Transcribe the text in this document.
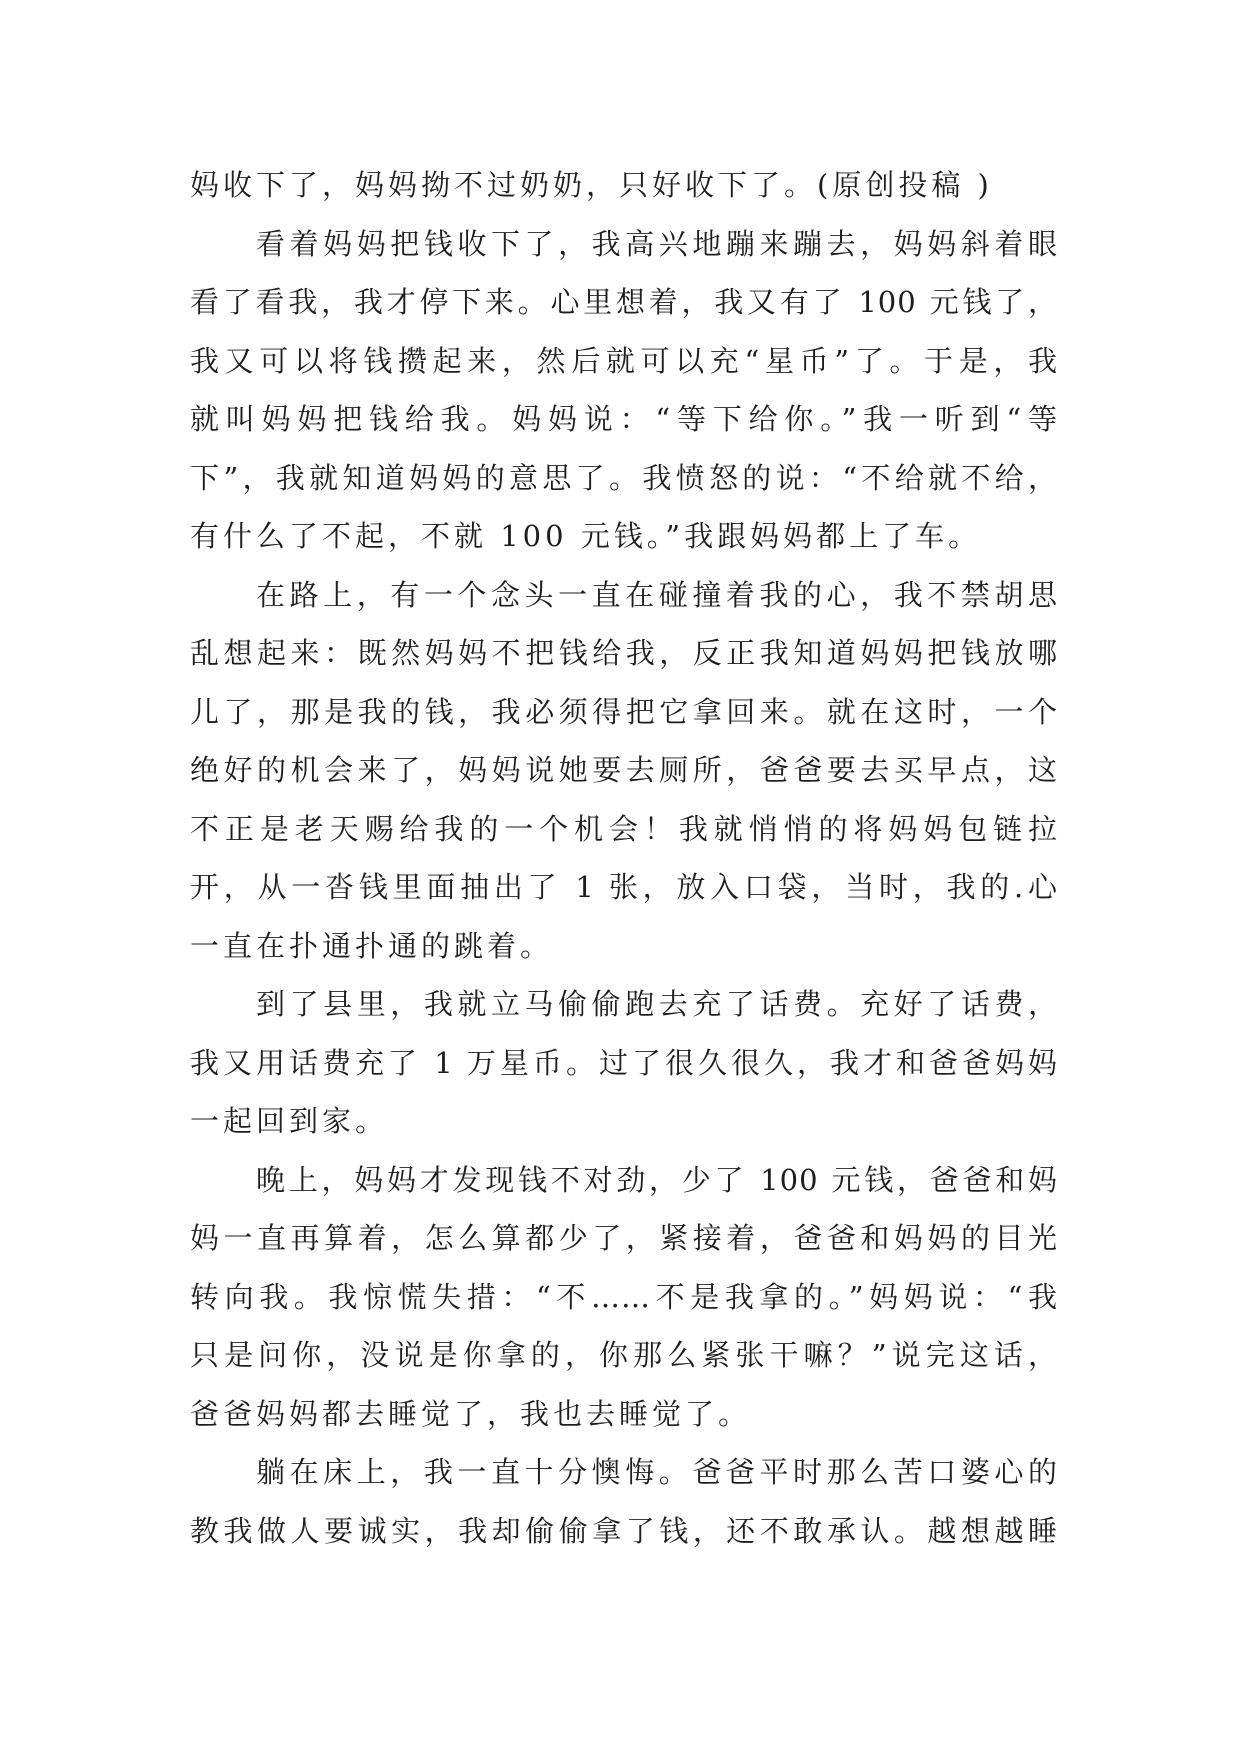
妈收下了，妈妈拗不过奶奶，只好收下了。(原创投稿 )
看着妈妈把钱收下了，我高兴地蹦来蹦去，妈妈斜着眼
看了看我，我才停下来。心里想着，我又有了 100 元钱了，
我又可以将钱攒起来，然后就可以充“星币”了。于是，我
就叫妈妈把钱给我。妈妈说：“等下给你。”我一听到“等
下”，我就知道妈妈的意思了。我愤怒的说：“不给就不给，
有什么了不起，不就 100 元钱。”我跟妈妈都上了车。
在路上，有一个念头一直在碰撞着我的心，我不禁胡思
乱想起来：既然妈妈不把钱给我，反正我知道妈妈把钱放哪
儿了，那是我的钱，我必须得把它拿回来。就在这时，一个
绝好的机会来了，妈妈说她要去厕所，爸爸要去买早点，这
不正是老天赐给我的一个机会！我就悄悄的将妈妈包链拉
开，从一沓钱里面抽出了 1 张，放入口袋，当时，我的.心
一直在扑通扑通的跳着。
到了县里，我就立马偷偷跑去充了话费。充好了话费，
我又用话费充了 1 万星币。过了很久很久，我才和爸爸妈妈
一起回到家。
晚上，妈妈才发现钱不对劲，少了 100 元钱，爸爸和妈
妈一直再算着，怎么算都少了，紧接着，爸爸和妈妈的目光
转向我。我惊慌失措：“不……不是我拿的。”妈妈说：“我
只是问你，没说是你拿的，你那么紧张干嘛？”说完这话，
爸爸妈妈都去睡觉了，我也去睡觉了。
躺在床上，我一直十分懊悔。爸爸平时那么苦口婆心的
教我做人要诚实，我却偷偷拿了钱，还不敢承认。越想越睡
